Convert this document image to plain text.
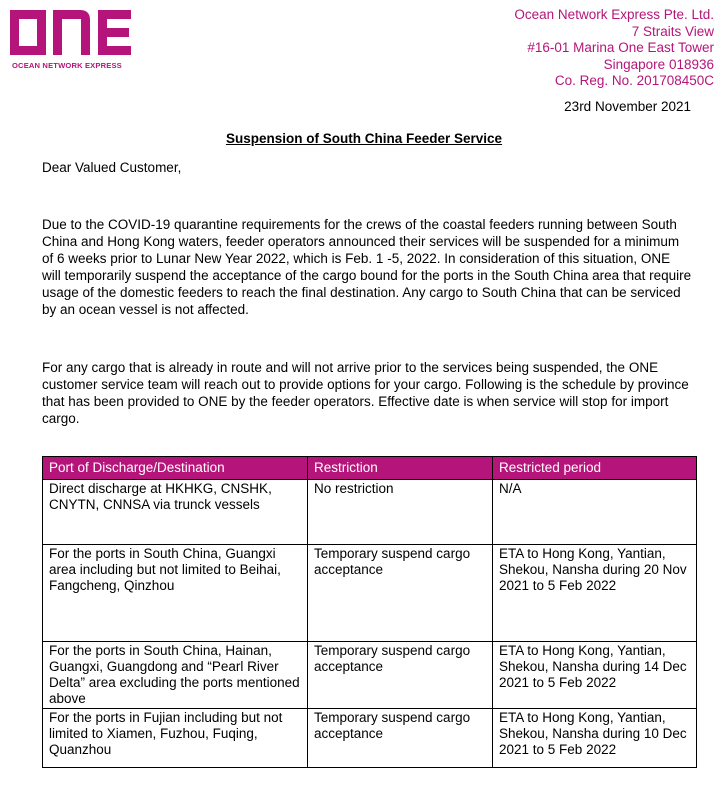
OCEAN NETWORK EXPRESS
Ocean Network Express Pte. Ltd.
7 Straits View
#16-01 Marina One East Tower
Singapore 018936
Co. Reg. No. 201708450C
23rd November 2021
Suspension of South China Feeder Service
Dear Valued Customer,

Due to the COVID-19 quarantine requirements for the crews of the coastal feeders running between South China and Hong Kong waters, feeder operators announced their services will be suspended for a minimum of 6 weeks prior to Lunar New Year 2022, which is Feb. 1 -5, 2022. In consideration of this situation, ONE will temporarily suspend the acceptance of the cargo bound for the ports in the South China area that require usage of the domestic feeders to reach the final destination. Any cargo to South China that can be serviced by an ocean vessel is not affected.

For any cargo that is already in route and will not arrive prior to the services being suspended, the ONE customer service team will reach out to provide options for your cargo. Following is the schedule by province that has been provided to ONE by the feeder operators. Effective date is when service will stop for import cargo.

Port of Discharge/Destination	Restriction	Restricted period
Direct discharge at HKHKG, CNSHK, CNYTN, CNNSA via trunck vessels	No restriction	N/A
For the ports in South China, Guangxi area including but not limited to Beihai, Fangcheng, Qinzhou	Temporary suspend cargo acceptance	ETA to Hong Kong, Yantian, Shekou, Nansha during 20 Nov 2021 to 5 Feb 2022
For the ports in South China, Hainan, Guangxi, Guangdong and “Pearl River Delta” area excluding the ports mentioned above	Temporary suspend cargo acceptance	ETA to Hong Kong, Yantian, Shekou, Nansha during 14 Dec 2021 to 5 Feb 2022
For the ports in Fujian including but not limited to Xiamen, Fuzhou, Fuqing, Quanzhou	Temporary suspend cargo acceptance	ETA to Hong Kong, Yantian, Shekou, Nansha during 10 Dec 2021 to 5 Feb 2022
